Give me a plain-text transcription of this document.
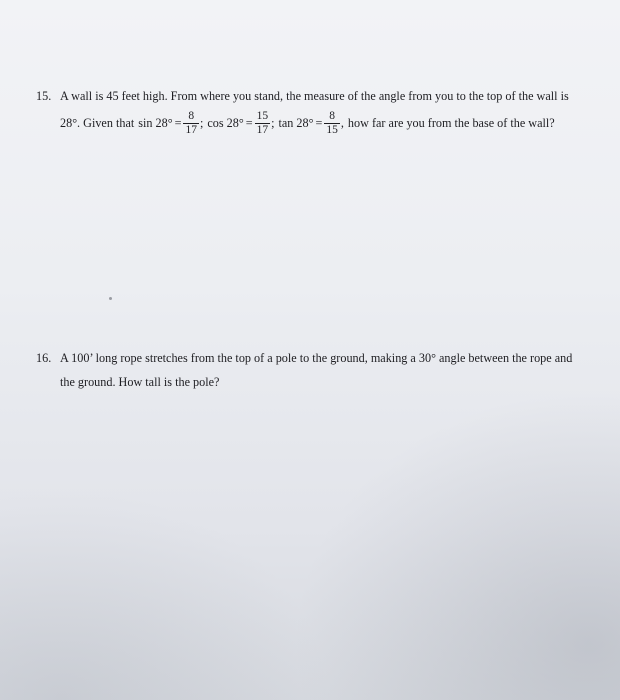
15. A wall is 45 feet high. From where you stand, the measure of the angle from you to the top of the wall is
28°. Given that $\sin 28^\circ = \frac{8}{17}$ ; $\cos 28^\circ = \frac{15}{17}$ ; $\tan 28^\circ = \frac{8}{15}$ , how far are you from the base of the wall?
16. A 100’ long rope stretches from the top of a pole to the ground, making a 30° angle between the rope and
the ground. How tall is the pole?
